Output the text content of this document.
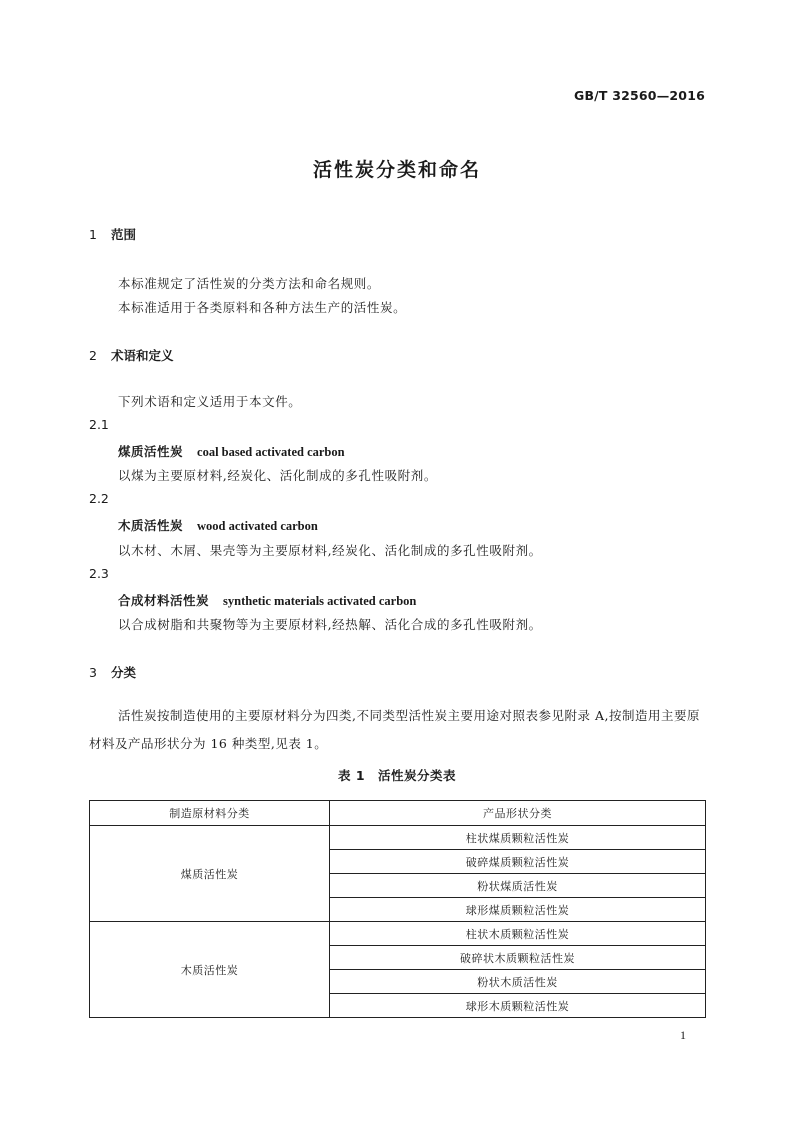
GB/T 32560—2016
活性炭分类和命名
1 范围
本标准规定了活性炭的分类方法和命名规则。
本标准适用于各类原料和各种方法生产的活性炭。
2 术语和定义
下列术语和定义适用于本文件。
2.1
煤质活性炭 coal based activated carbon
以煤为主要原材料,经炭化、活化制成的多孔性吸附剂。
2.2
木质活性炭 wood activated carbon
以木材、木屑、果壳等为主要原材料,经炭化、活化制成的多孔性吸附剂。
2.3
合成材料活性炭 synthetic materials activated carbon
以合成树脂和共聚物等为主要原材料,经热解、活化合成的多孔性吸附剂。
3 分类
活性炭按制造使用的主要原材料分为四类,不同类型活性炭主要用途对照表参见附录 A,按制造用主要原材料及产品形状分为 16 种类型,见表 1。
表 1　活性炭分类表
制造原材料分类	产品形状分类
煤质活性炭	柱状煤质颗粒活性炭
	破碎煤质颗粒活性炭
	粉状煤质活性炭
	球形煤质颗粒活性炭
木质活性炭	柱状木质颗粒活性炭
	破碎状木质颗粒活性炭
	粉状木质活性炭
	球形木质颗粒活性炭
1
